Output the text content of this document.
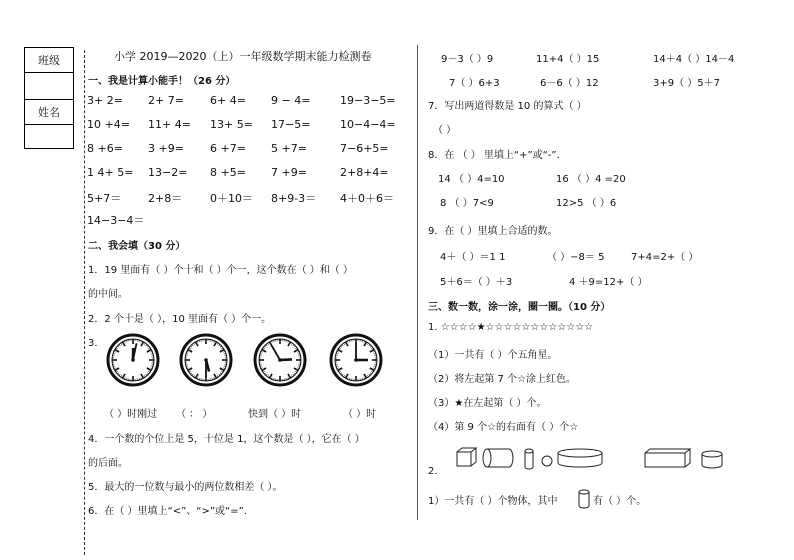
班级
姓名
小学 2019—2020（上）一年级数学期末能力检测卷
一、我是计算小能手！（26 分）
3+ 2= 2+ 7= 6+ 4= 9 − 4=	19−3−5=
10 +4= 11+ 4= 13+ 5= 17−5=	10−4−4=
8 +6= 3 +9= 6 +7= 5 +7=	7−6+5=
1 4+ 5= 13−2= 8 +5= 7 +9=	2+8+4=
5+7＝ 2+8＝	0＋10＝ 8+9-3＝ 4＋0＋6＝
14−3−4＝
二、我会填（30 分）
1．19 里面有（ ）个十和（ ）个一，这个数在（ ）和（ ）
的中间。
2．2 个十是（ ），10 里面有（ ）个一。
3．
（ ）时刚过 （ ： ）	快到（ ）时	（ ）时
4．一个数的个位上是 5，十位是 1，这个数是（ ），它在（ ）
的后面。
5．最大的一位数与最小的两位数相差（ ）。
6．在（ ）里填上“<”、“>”或“=”.
9－3（ ）9	11+4（ ）15	14＋4（ ）14－4
7（ ）6+3	6－6（ ）12	3+9（ ）5＋7
7．写出两道得数是 10 的算式（ ）
（ ）
8．在 （ ） 里填上“+”或“-”．
14 （ ）4=10	16 （ ）4 =20
8 （ ）7<9	12>5 （ ）6
9．在（ ）里填上合适的数。
4＋（ ）＝1 1	（ ）−8＝ 5	7+4=2+（ ）
5＋6＝（ ）＋3	4 ＋9=12+（ ）
三、数一数，涂一涂，圈一圈。（10 分）
1. ☆☆☆☆★☆☆☆☆☆☆☆☆☆☆☆☆
（1）一共有（ ）个五角星。
（2）将左起第 7 个☆涂上红色。
（3）★在左起第（ ）个。
（4）第 9 个☆的右面有（ ）个☆
2.
1）一共有（ ）个物体，其中	有（ ）个。
